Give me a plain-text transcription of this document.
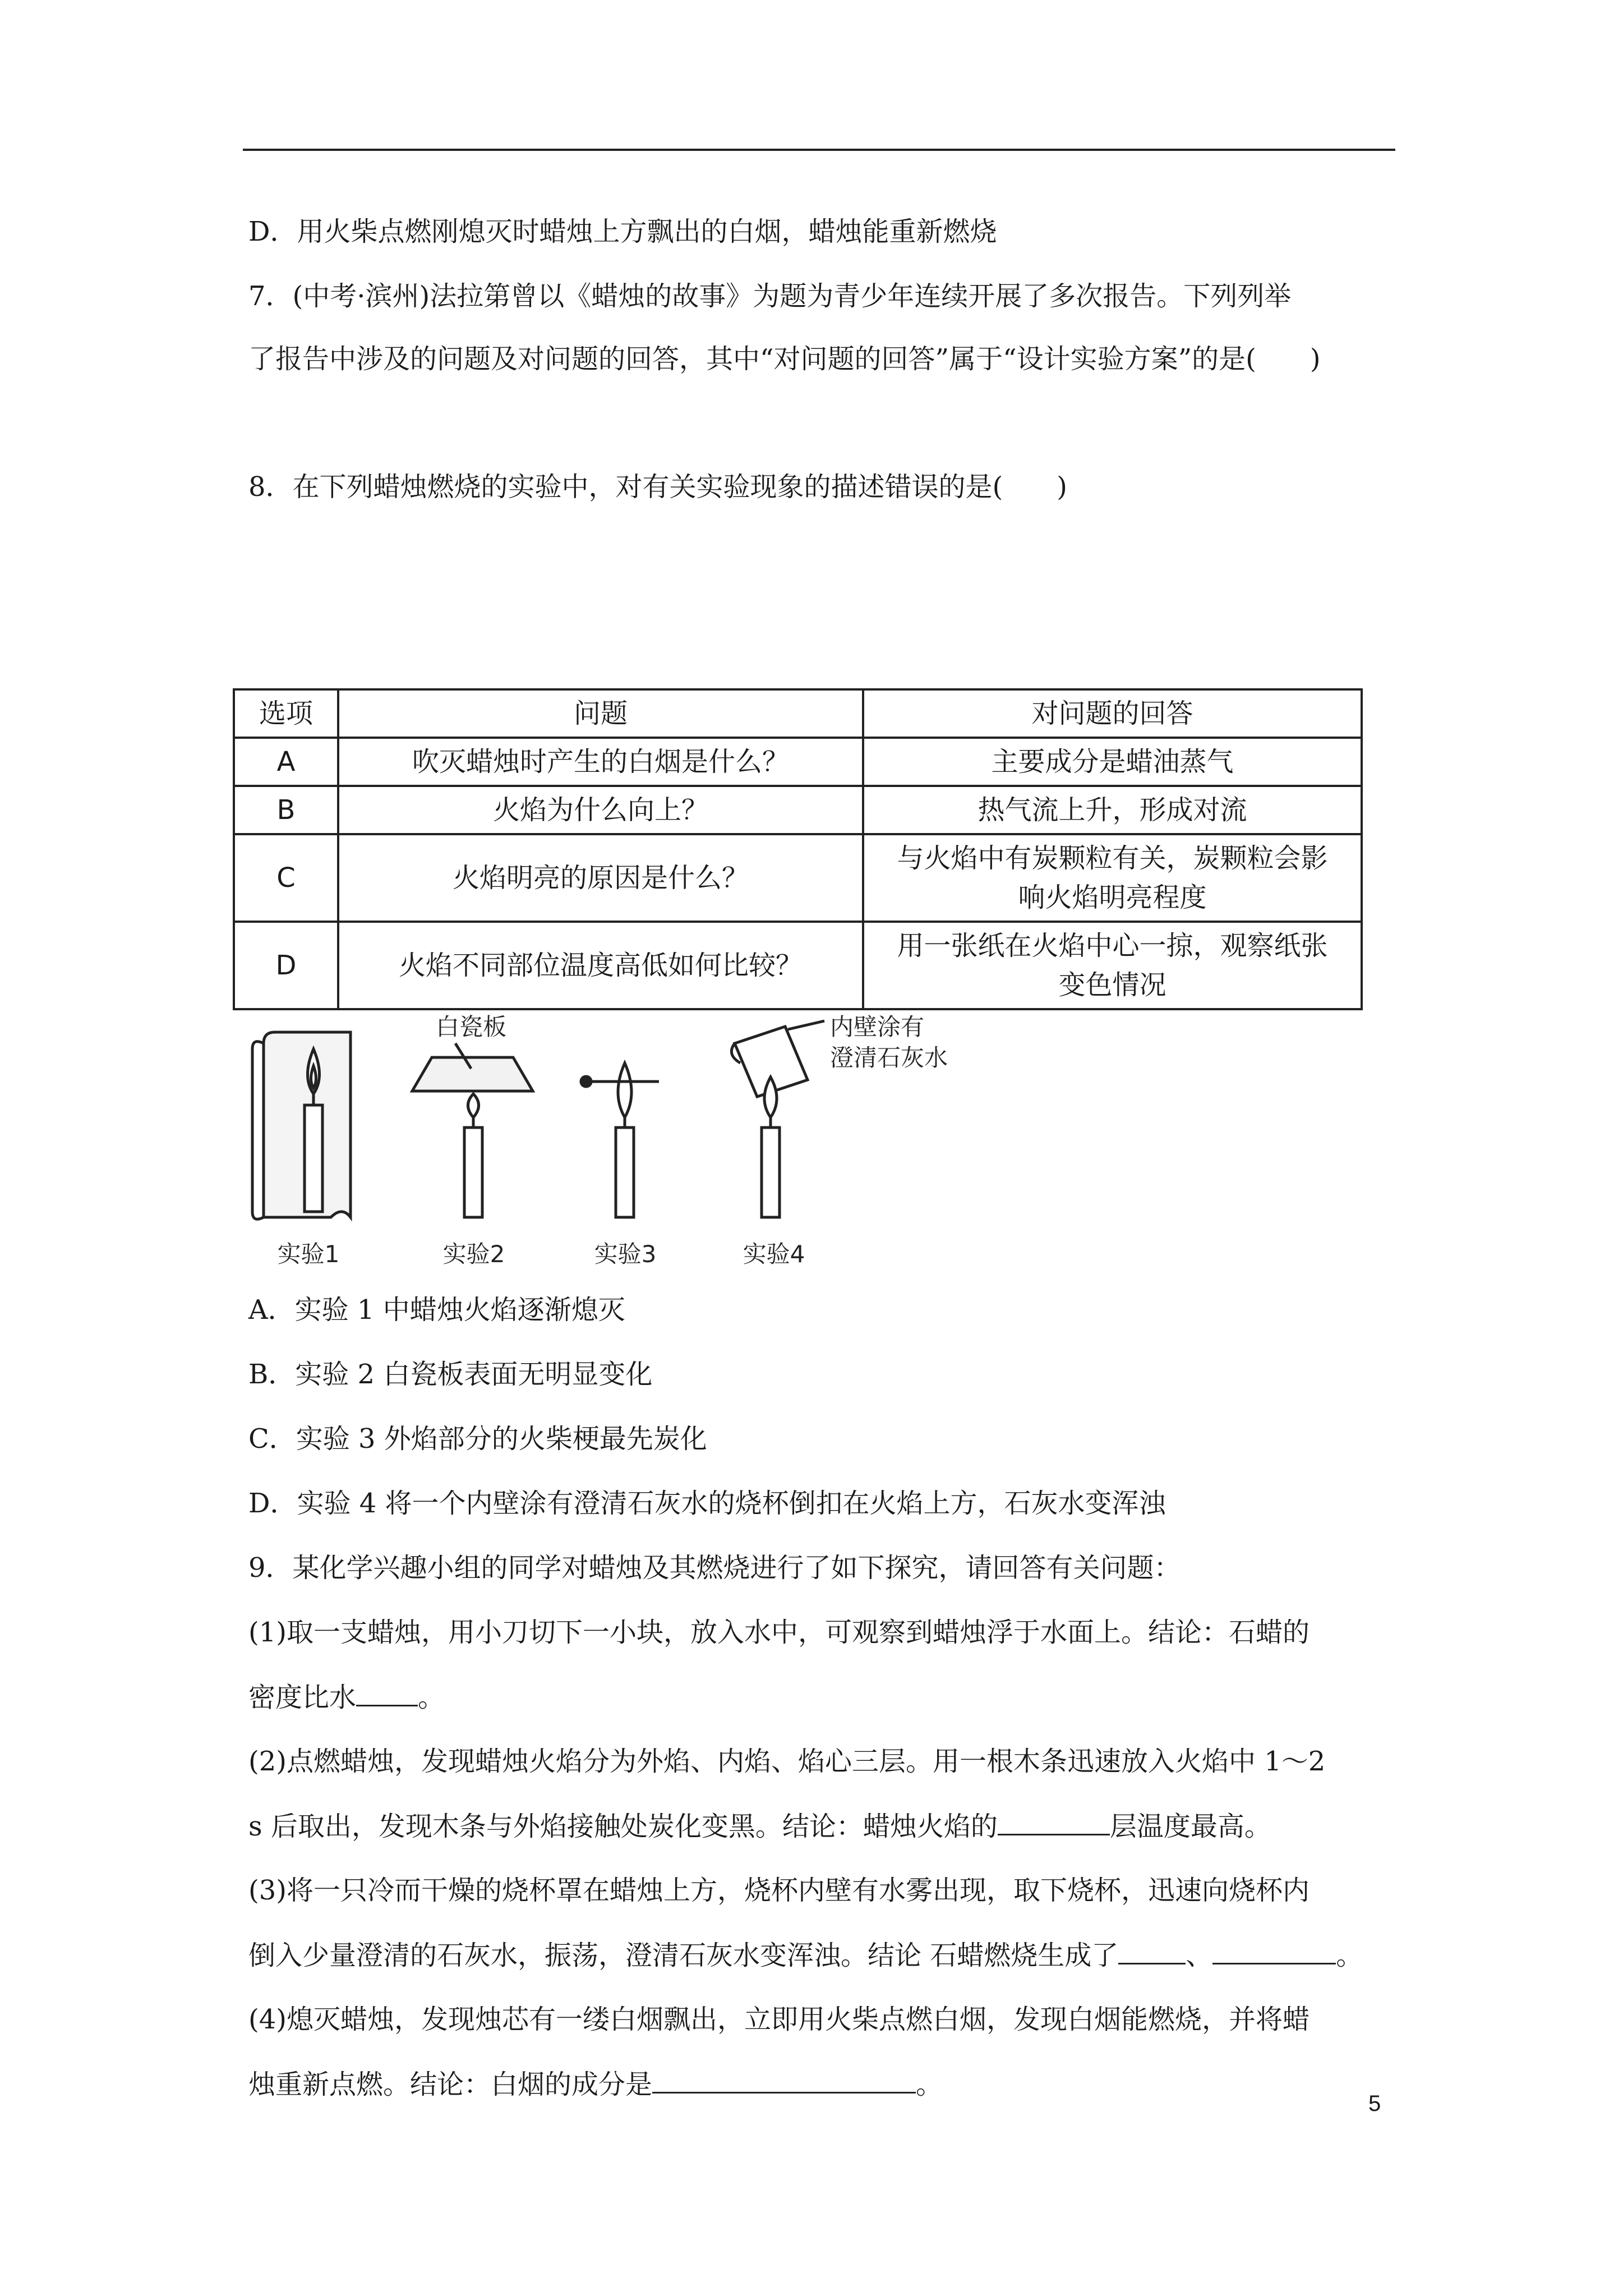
D．用火柴点燃刚熄灭时蜡烛上方飘出的白烟，蜡烛能重新燃烧
7．(中考·滨州)法拉第曾以《蜡烛的故事》为题为青少年连续开展了多次报告。下列列举
了报告中涉及的问题及对问题的回答，其中“对问题的回答”属于“设计实验方案”的是(　　)
8．在下列蜡烛燃烧的实验中，对有关实验现象的描述错误的是(　　)
选项	问题	对问题的回答
A	吹灭蜡烛时产生的白烟是什么？	主要成分是蜡油蒸气
B	火焰为什么向上？	热气流上升，形成对流
C	火焰明亮的原因是什么？	与火焰中有炭颗粒有关，炭颗粒会影
响火焰明亮程度
D	火焰不同部位温度高低如何比较？	用一张纸在火焰中心一掠，观察纸张
变色情况
白瓷板	内壁涂有
澄清石灰水
实验1	实验2	实验3	实验4
A．实验 1 中蜡烛火焰逐渐熄灭
B．实验 2 白瓷板表面无明显变化
C．实验 3 外焰部分的火柴梗最先炭化
D．实验 4 将一个内壁涂有澄清石灰水的烧杯倒扣在火焰上方，石灰水变浑浊
9．某化学兴趣小组的同学对蜡烛及其燃烧进行了如下探究，请回答有关问题：
(1)取一支蜡烛，用小刀切下一小块，放入水中，可观察到蜡烛浮于水面上。结论：石蜡的
密度比水 。
(2)点燃蜡烛，发现蜡烛火焰分为外焰、内焰、焰心三层。用一根木条迅速放入火焰中 1～2
s 后取出，发现木条与外焰接触处炭化变黑。结论：蜡烛火焰的	层温度最高。
(3)将一只冷而干燥的烧杯罩在蜡烛上方，烧杯内壁有水雾出现，取下烧杯，迅速向烧杯内
倒入少量澄清的石灰水，振荡，澄清石灰水变浑浊。结论 石蜡燃烧生成了	、	。
(4)熄灭蜡烛，发现烛芯有一缕白烟飘出，立即用火柴点燃白烟，发现白烟能燃烧，并将蜡
烛重新点燃。结论：白烟的成分是	。
5
